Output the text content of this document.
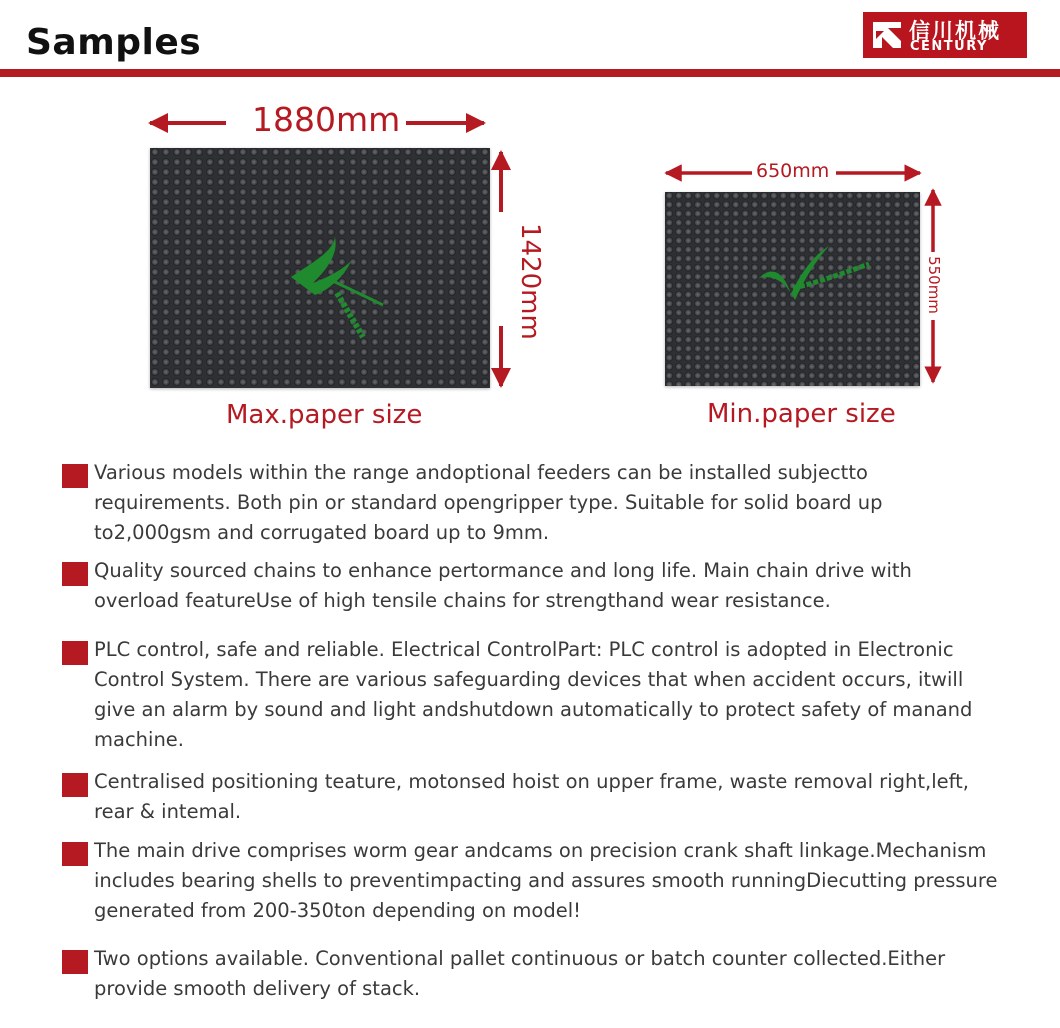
Samples	信川机械
CENTURY
1880mm
1420mm
650mm
550mm
Max.paper size	Min.paper size
Various models within the range andoptional feeders can be installed subjectto requirements. Both pin or standard opengripper type. Suitable for solid board up to2,000gsm and corrugated board up to 9mm.
Quality sourced chains to enhance pertormance and long life. Main chain drive with overload featureUse of high tensile chains for strengthand wear resistance.
PLC control, safe and reliable. Electrical ControlPart: PLC control is adopted in Electronic Control System. There are various safeguarding devices that when accident occurs, itwill give an alarm by sound and light andshutdown automatically to protect safety of manand machine.
Centralised positioning teature, motonsed hoist on upper frame, waste removal right,left, rear & intemal.
The main drive comprises worm gear andcams on precision crank shaft linkage.Mechanism includes bearing shells to preventimpacting and assures smooth runningDiecutting pressure generated from 200-350ton depending on model!
Two options available. Conventional pallet continuous or batch counter collected.Either provide smooth delivery of stack.
